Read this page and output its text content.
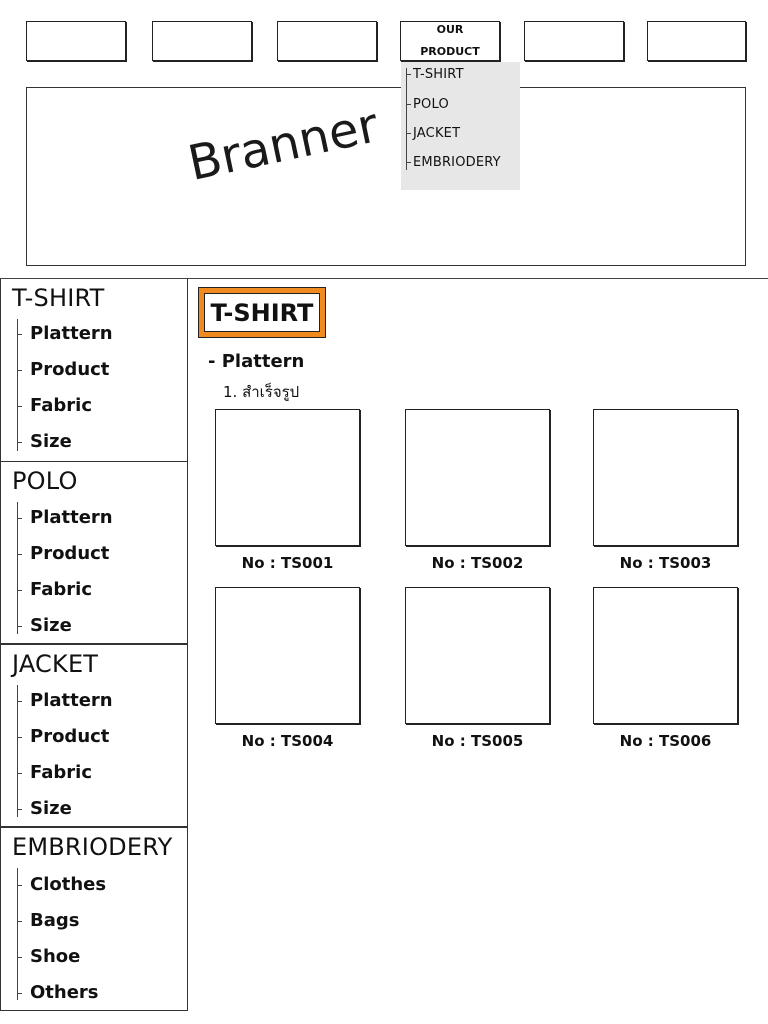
OUR
PRODUCT
T-SHIRT
POLO
JACKET
EMBRIODERY
Branner
T-SHIRT
Plattern
Product
Fabric
Size
POLO
Plattern
Product
Fabric
Size
JACKET
Plattern
Product
Fabric
Size
EMBRIODERY
Clothes
Bags
Shoe
Others
T-SHIRT
- Plattern
1. สำเร็จรูป
No : TS001	No : TS002	No : TS003
No : TS004	No : TS005	No : TS006
